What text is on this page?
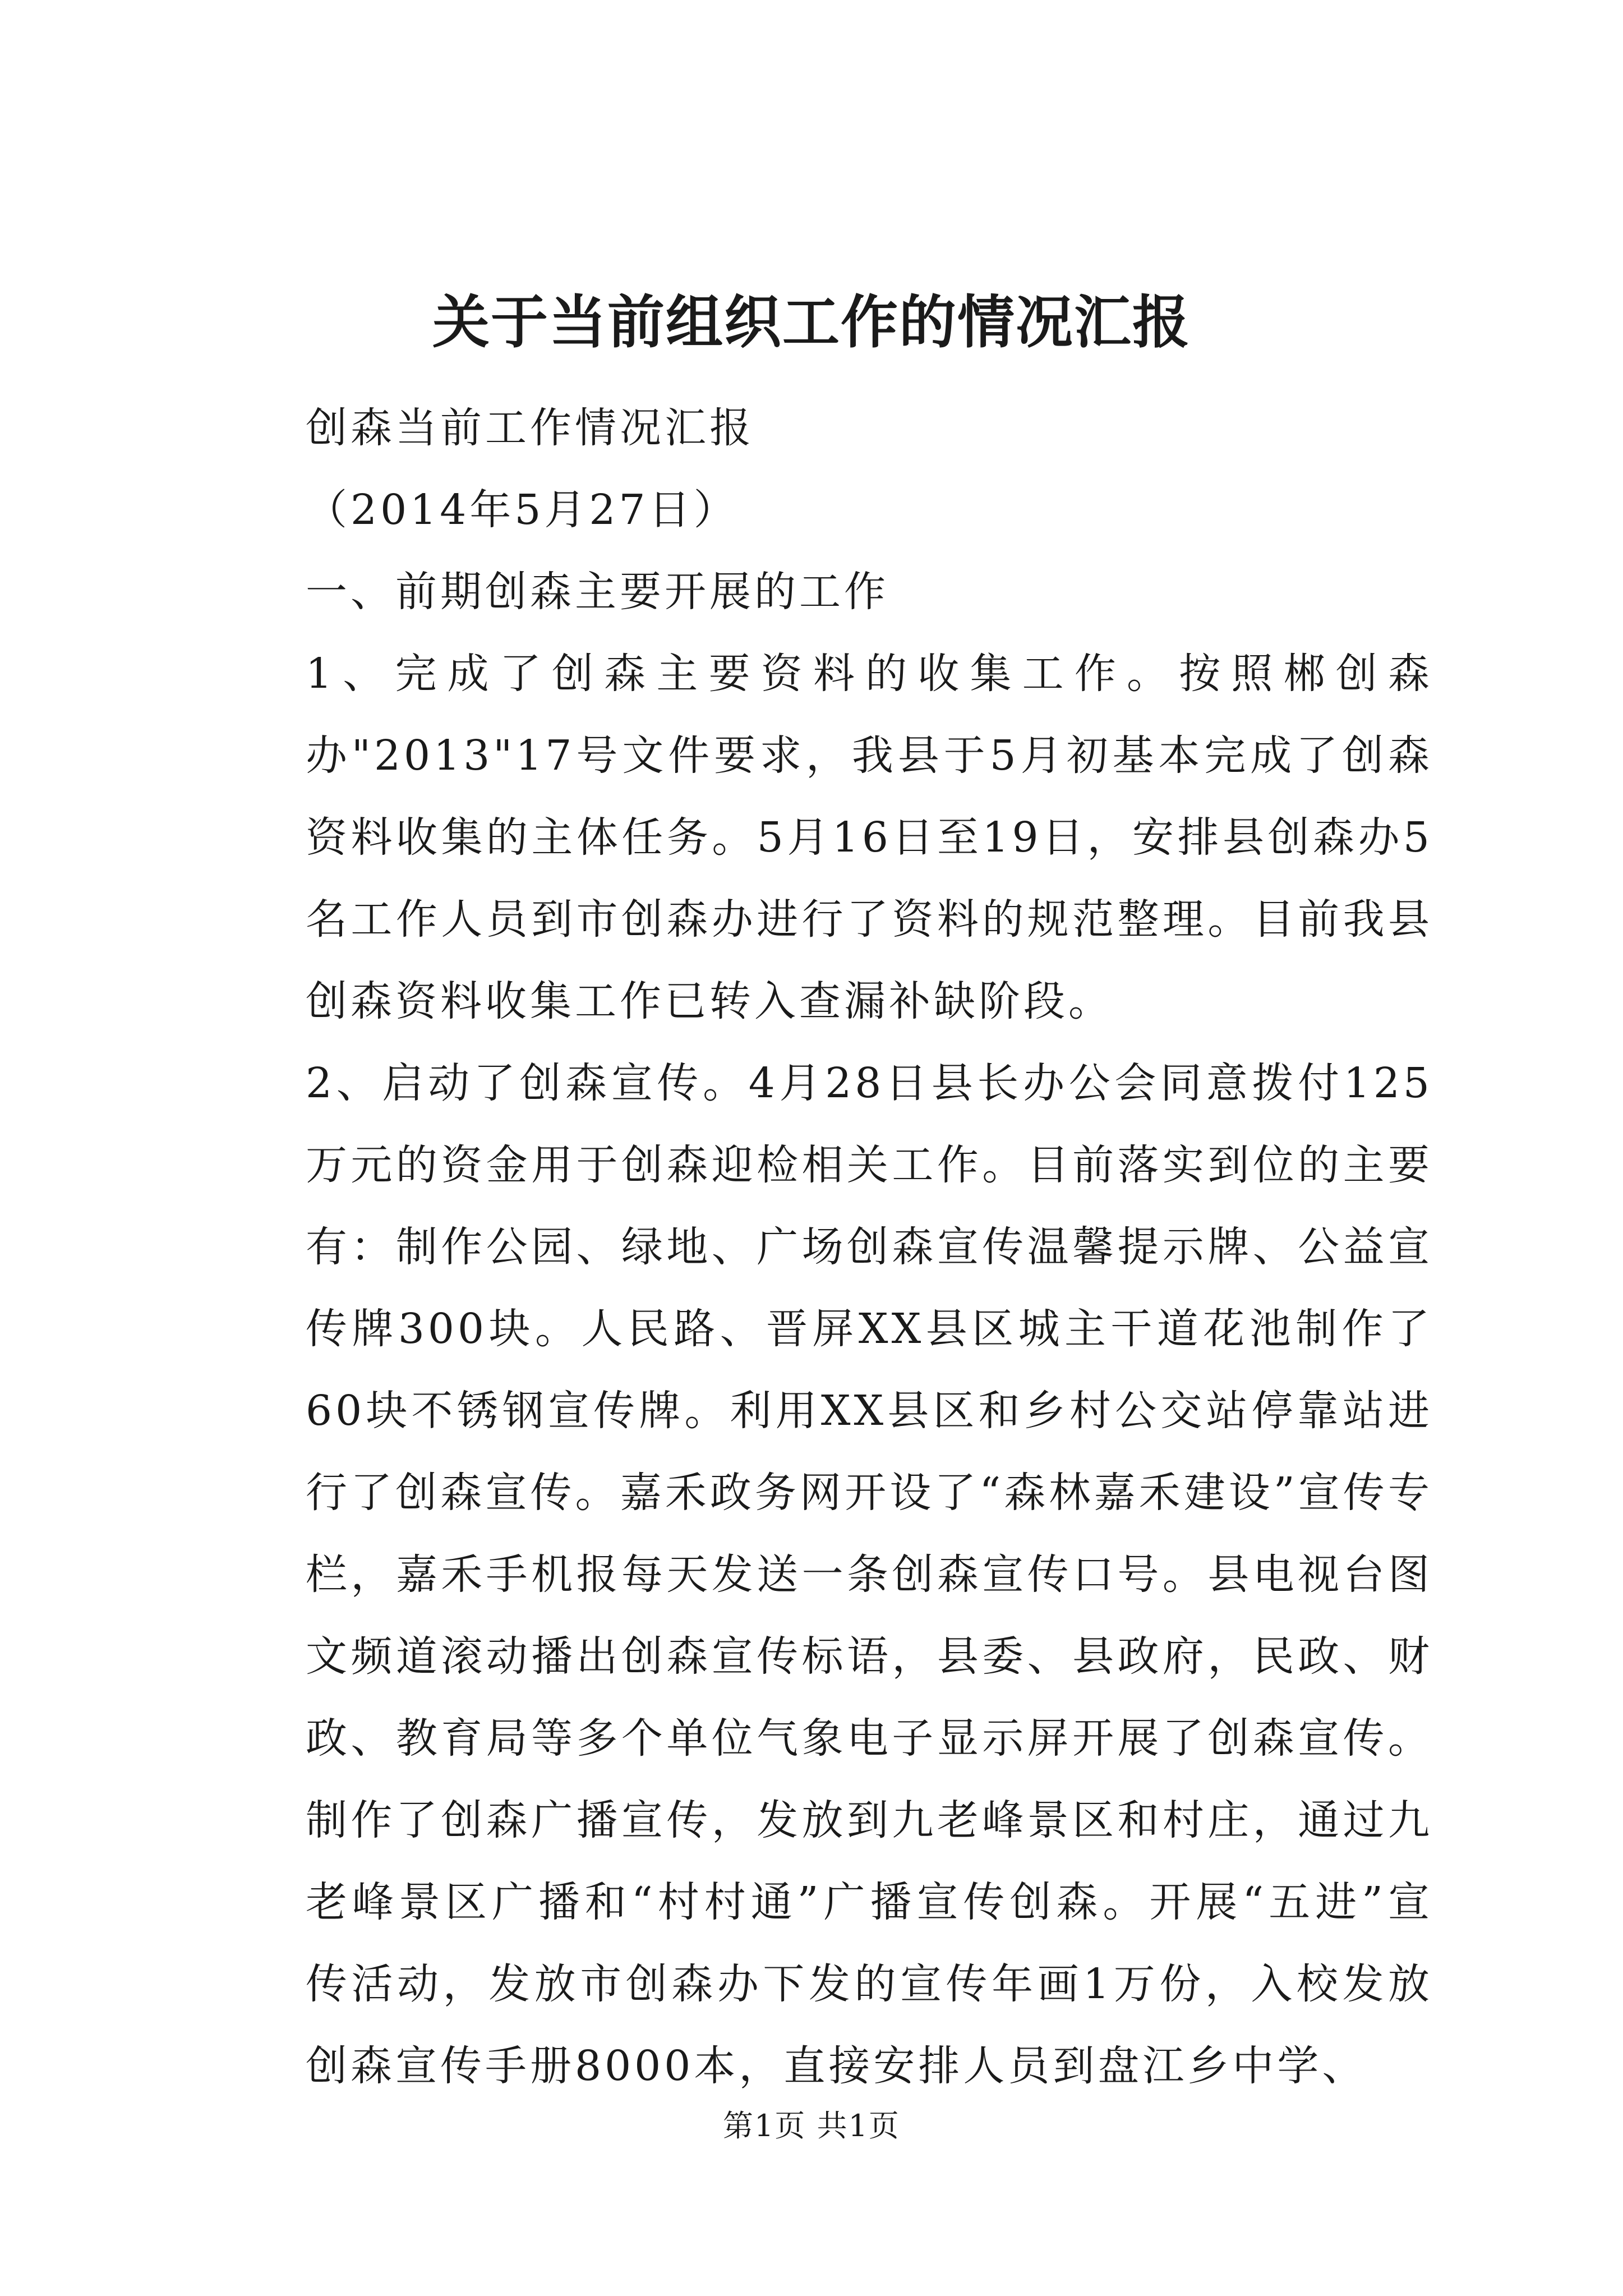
关于当前组织工作的情况汇报

创森当前工作情况汇报

（2014年5月27日）

一、前期创森主要开展的工作

1、完成了创森主要资料的收集工作。按照郴创森办"2013"17号文件要求，我县于5月初基本完成了创森资料收集的主体任务。5月16日至19日，安排县创森办5名工作人员到市创森办进行了资料的规范整理。目前我县创森资料收集工作已转入查漏补缺阶段。

2、启动了创森宣传。4月28日县长办公会同意拨付125万元的资金用于创森迎检相关工作。目前落实到位的主要有：制作公园、绿地、广场创森宣传温馨提示牌、公益宣传牌300块。人民路、晋屏XX县区城主干道花池制作了60块不锈钢宣传牌。利用XX县区和乡村公交站停靠站进行了创森宣传。嘉禾政务网开设了“森林嘉禾建设”宣传专栏，嘉禾手机报每天发送一条创森宣传口号。县电视台图文频道滚动播出创森宣传标语，县委、县政府，民政、财政、教育局等多个单位气象电子显示屏开展了创森宣传。制作了创森广播宣传，发放到九老峰景区和村庄，通过九老峰景区广播和“村村通”广播宣传创森。开展“五进”宣传活动，发放市创森办下发的宣传年画1万份，入校发放创森宣传手册8000本，直接安排人员到盘江乡中学、

第1页 共1页
